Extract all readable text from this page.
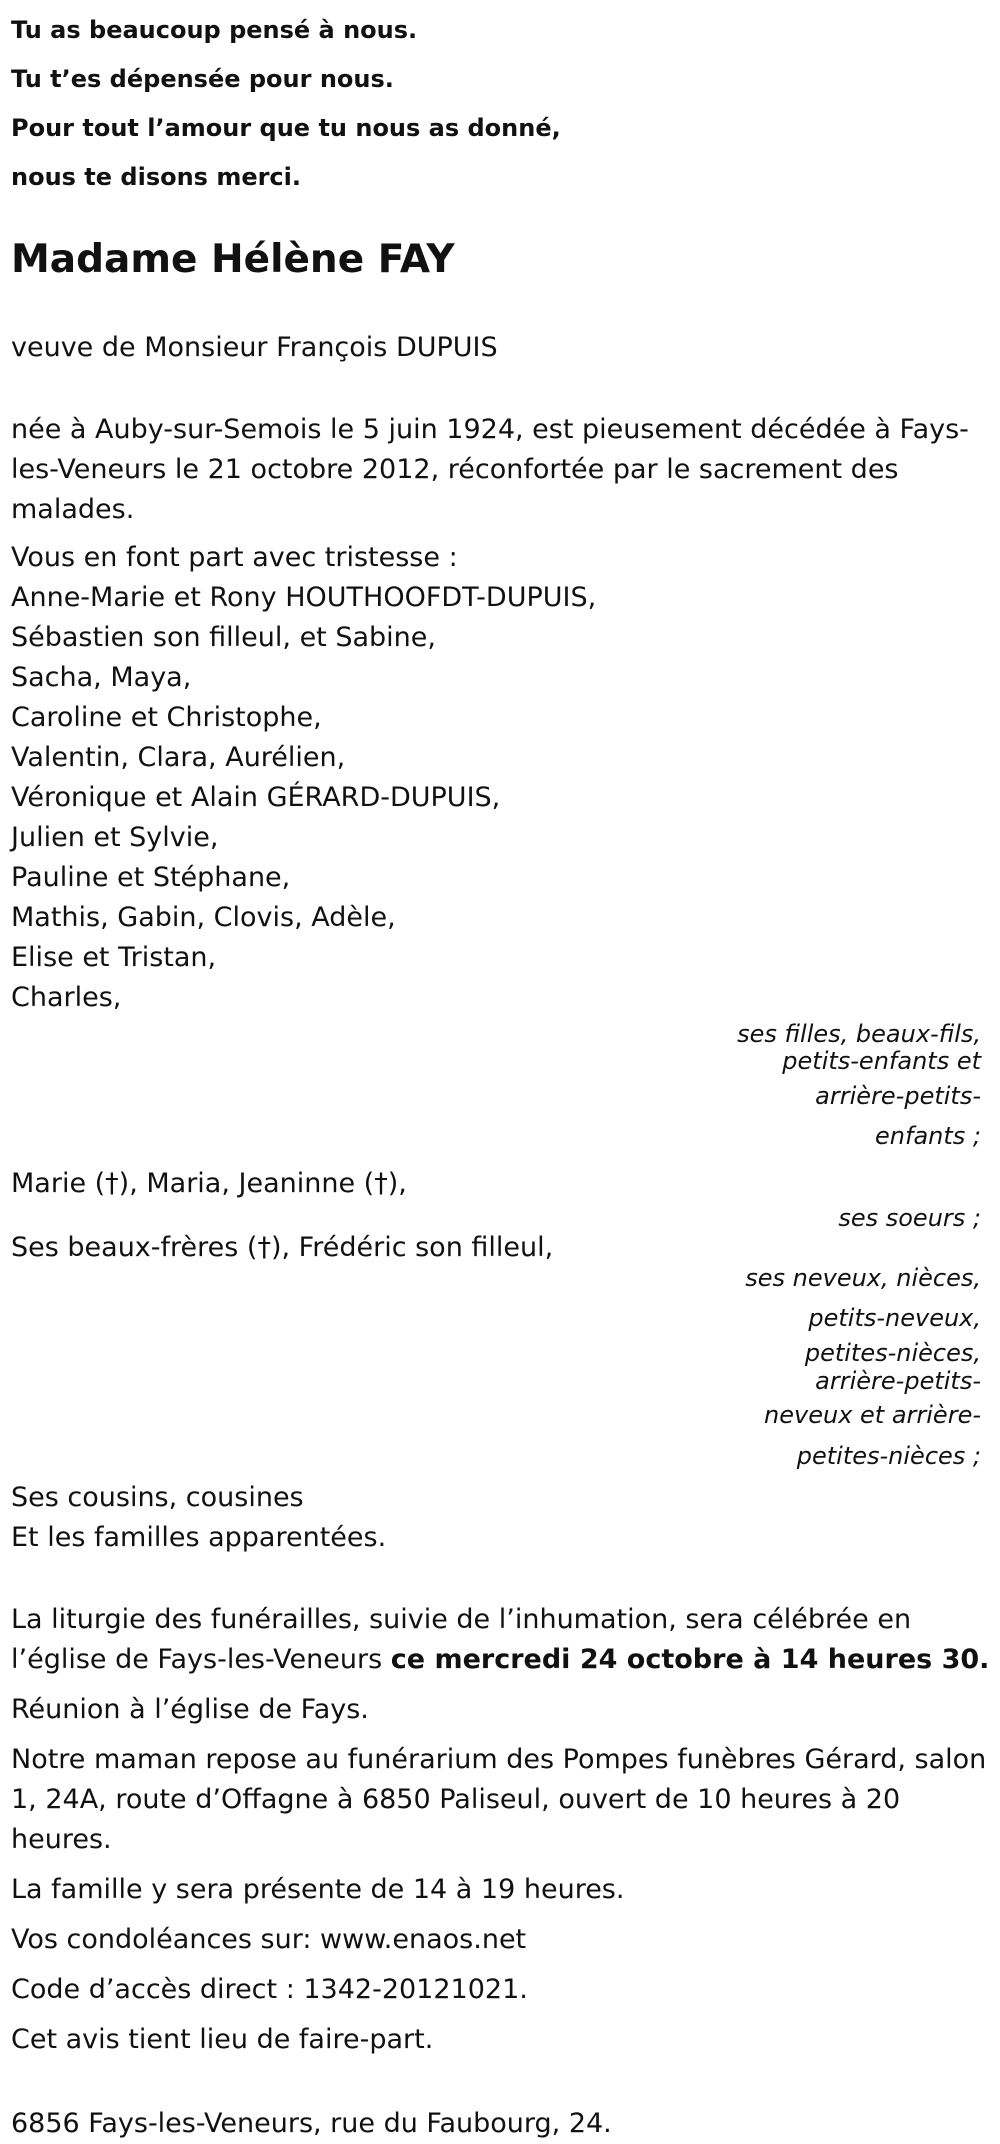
Tu as beaucoup pensé à nous.
Tu t’es dépensée pour nous.
Pour tout l’amour que tu nous as donné,
nous te disons merci.
Madame Hélène FAY
veuve de Monsieur François DUPUIS
née à Auby-sur-Semois le 5 juin 1924, est pieusement décédée à Fays-les-Veneurs le 21 octobre 2012, réconfortée par le sacrement des malades.
Vous en font part avec tristesse :
Anne-Marie et Rony HOUTHOOFDT-DUPUIS,
Sébastien son filleul, et Sabine,
Sacha, Maya,
Caroline et Christophe,
Valentin, Clara, Aurélien,
Véronique et Alain GÉRARD-DUPUIS,
Julien et Sylvie,
Pauline et Stéphane,
Mathis, Gabin, Clovis, Adèle,
Elise et Tristan,
Charles,
ses filles, beaux-fils,
petits-enfants et
arrière-petits-
enfants ;
Marie (†), Maria, Jeaninne (†),
ses soeurs ;
Ses beaux-frères (†), Frédéric son filleul,
ses neveux, nièces,
petits-neveux,
petites-nièces,
arrière-petits-
neveux et arrière-
petites-nièces ;
Ses cousins, cousines
Et les familles apparentées.
La liturgie des funérailles, suivie de l’inhumation, sera célébrée en l’église de Fays-les-Veneurs ce mercredi 24 octobre à 14 heures 30.
Réunion à l’église de Fays.
Notre maman repose au funérarium des Pompes funèbres Gérard, salon 1, 24A, route d’Offagne à 6850 Paliseul, ouvert de 10 heures à 20 heures.
La famille y sera présente de 14 à 19 heures.
Vos condoléances sur: www.enaos.net
Code d’accès direct : 1342-20121021.
Cet avis tient lieu de faire-part.
6856 Fays-les-Veneurs, rue du Faubourg, 24.
